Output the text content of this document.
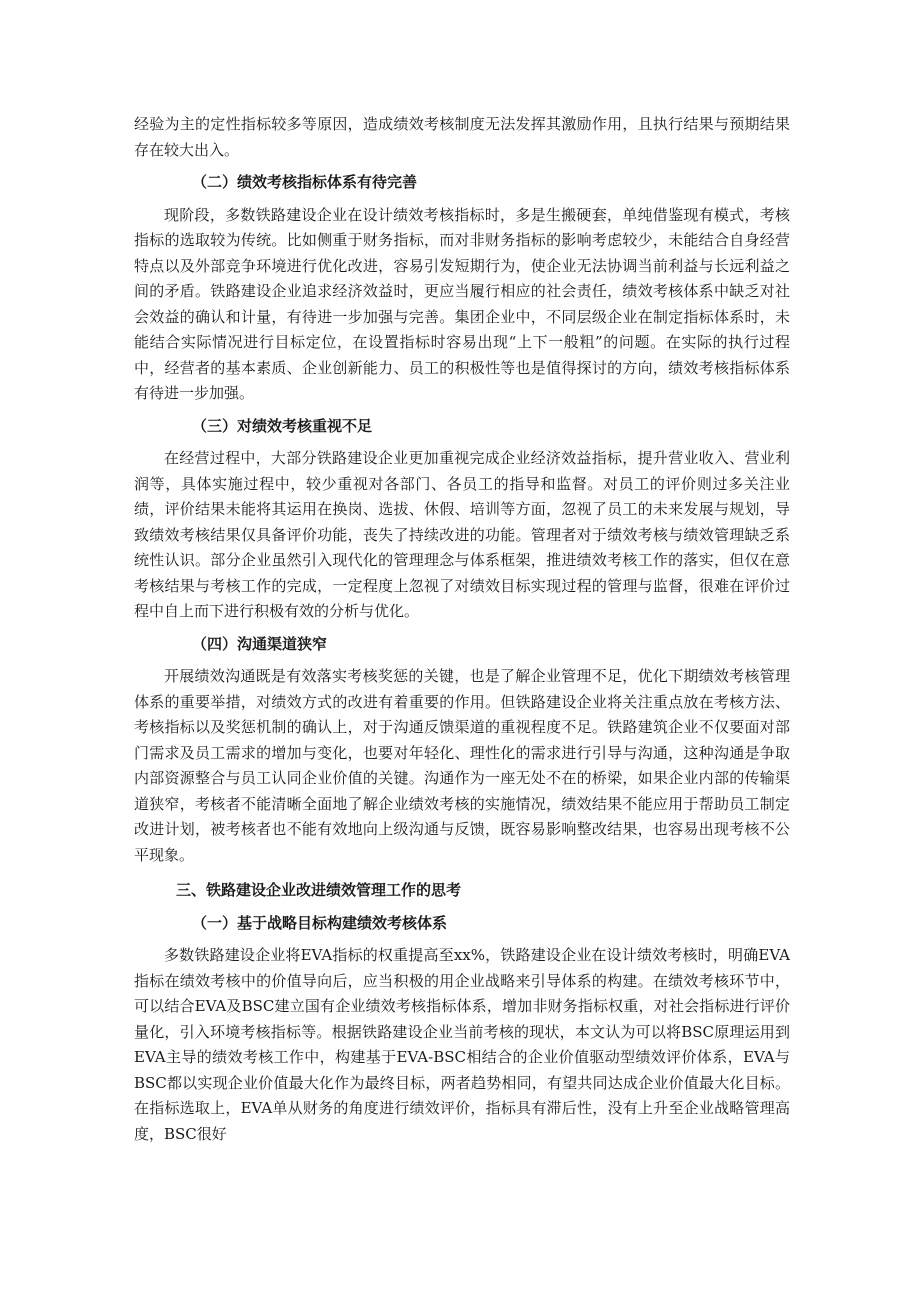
经验为主的定性指标较多等原因，造成绩效考核制度无法发挥其激励作用，且执行结果与预期结果存在较大出入。

（二）绩效考核指标体系有待完善

现阶段，多数铁路建设企业在设计绩效考核指标时，多是生搬硬套，单纯借鉴现有模式，考核指标的选取较为传统。比如侧重于财务指标，而对非财务指标的影响考虑较少，未能结合自身经营特点以及外部竞争环境进行优化改进，容易引发短期行为，使企业无法协调当前利益与长远利益之间的矛盾。铁路建设企业追求经济效益时，更应当履行相应的社会责任，绩效考核体系中缺乏对社会效益的确认和计量，有待进一步加强与完善。集团企业中，不同层级企业在制定指标体系时，未能结合实际情况进行目标定位，在设置指标时容易出现“上下一般粗”的问题。在实际的执行过程中，经营者的基本素质、企业创新能力、员工的积极性等也是值得探讨的方向，绩效考核指标体系有待进一步加强。

（三）对绩效考核重视不足

在经营过程中，大部分铁路建设企业更加重视完成企业经济效益指标，提升营业收入、营业利润等，具体实施过程中，较少重视对各部门、各员工的指导和监督。对员工的评价则过多关注业绩，评价结果未能将其运用在换岗、选拔、休假、培训等方面，忽视了员工的未来发展与规划，导致绩效考核结果仅具备评价功能，丧失了持续改进的功能。管理者对于绩效考核与绩效管理缺乏系统性认识。部分企业虽然引入现代化的管理理念与体系框架，推进绩效考核工作的落实，但仅在意考核结果与考核工作的完成，一定程度上忽视了对绩效目标实现过程的管理与监督，很难在评价过程中自上而下进行积极有效的分析与优化。

（四）沟通渠道狭窄

开展绩效沟通既是有效落实考核奖惩的关键，也是了解企业管理不足，优化下期绩效考核管理体系的重要举措，对绩效方式的改进有着重要的作用。但铁路建设企业将关注重点放在考核方法、考核指标以及奖惩机制的确认上，对于沟通反馈渠道的重视程度不足。铁路建筑企业不仅要面对部门需求及员工需求的增加与变化，也要对年轻化、理性化的需求进行引导与沟通，这种沟通是争取内部资源整合与员工认同企业价值的关键。沟通作为一座无处不在的桥梁，如果企业内部的传输渠道狭窄，考核者不能清晰全面地了解企业绩效考核的实施情况，绩效结果不能应用于帮助员工制定改进计划，被考核者也不能有效地向上级沟通与反馈，既容易影响整改结果，也容易出现考核不公平现象。

三、铁路建设企业改进绩效管理工作的思考
（一）基于战略目标构建绩效考核体系

多数铁路建设企业将EVA指标的权重提高至xx%，铁路建设企业在设计绩效考核时，明确EVA指标在绩效考核中的价值导向后，应当积极的用企业战略来引导体系的构建。在绩效考核环节中，可以结合EVA及BSC建立国有企业绩效考核指标体系，增加非财务指标权重，对社会指标进行评价量化，引入环境考核指标等。根据铁路建设企业当前考核的现状，本文认为可以将BSC原理运用到EVA主导的绩效考核工作中，构建基于EVA-BSC相结合的企业价值驱动型绩效评价体系，EVA与BSC都以实现企业价值最大化作为最终目标，两者趋势相同，有望共同达成企业价值最大化目标。在指标选取上，EVA单从财务的角度进行绩效评价，指标具有滞后性，没有上升至企业战略管理高度，BSC很好
